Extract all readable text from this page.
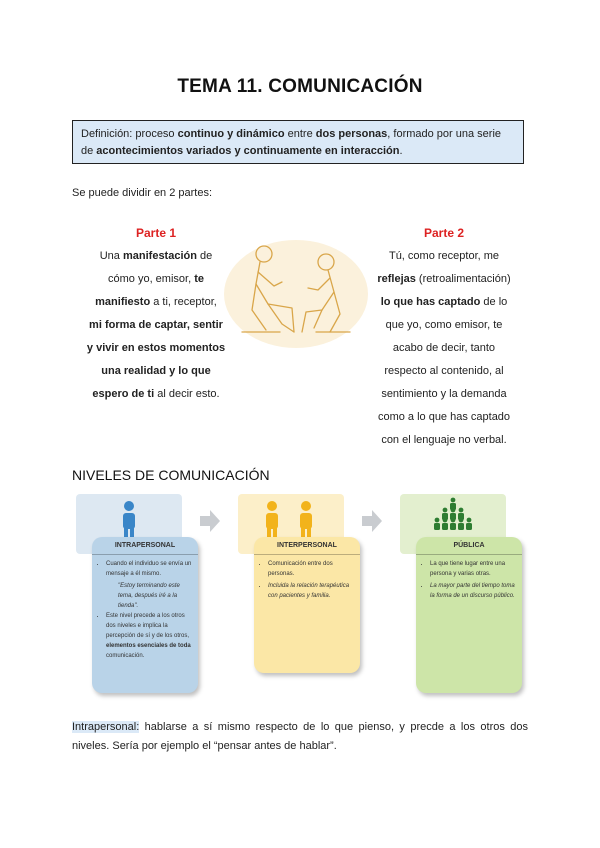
TEMA 11. COMUNICACIÓN
Definición: proceso continuo y dinámico entre dos personas, formado por una serie de acontecimientos variados y continuamente en interacción.
Se puede dividir en 2 partes:
Parte 1
Una manifestación de
cómo yo, emisor, te
manifiesto a ti, receptor,
mi forma de captar, sentir
y vivir en estos momentos
una realidad y lo que
espero de ti al decir esto.
Parte 2
Tú, como receptor, me
reflejas (retroalimentación)
lo que has captado de lo
que yo, como emisor, te
acabo de decir, tanto
respecto al contenido, al
sentimiento y la demanda
como a lo que has captado
con el lenguaje no verbal.
NIVELES DE COMUNICACIÓN
INTRAPERSONAL
• Cuando el individuo se envía un mensaje a él mismo.
"Estoy terminando este tema, después iré a la tienda".
• Este nivel precede a los otros dos niveles e implica la percepción de sí y de los otros, elementos esenciales de toda comunicación.
INTERPERSONAL
• Comunicación entre dos personas.
• Incluida la relación terapéutica con pacientes y familia.
PÚBLICA
• La que tiene lugar entre una persona y varias otras.
• La mayor parte del tiempo toma la forma de un discurso público.
Intrapersonal: hablarse a sí mismo respecto de lo que pienso, y precde a los otros dos niveles. Sería por ejemplo el “pensar antes de hablar”.
